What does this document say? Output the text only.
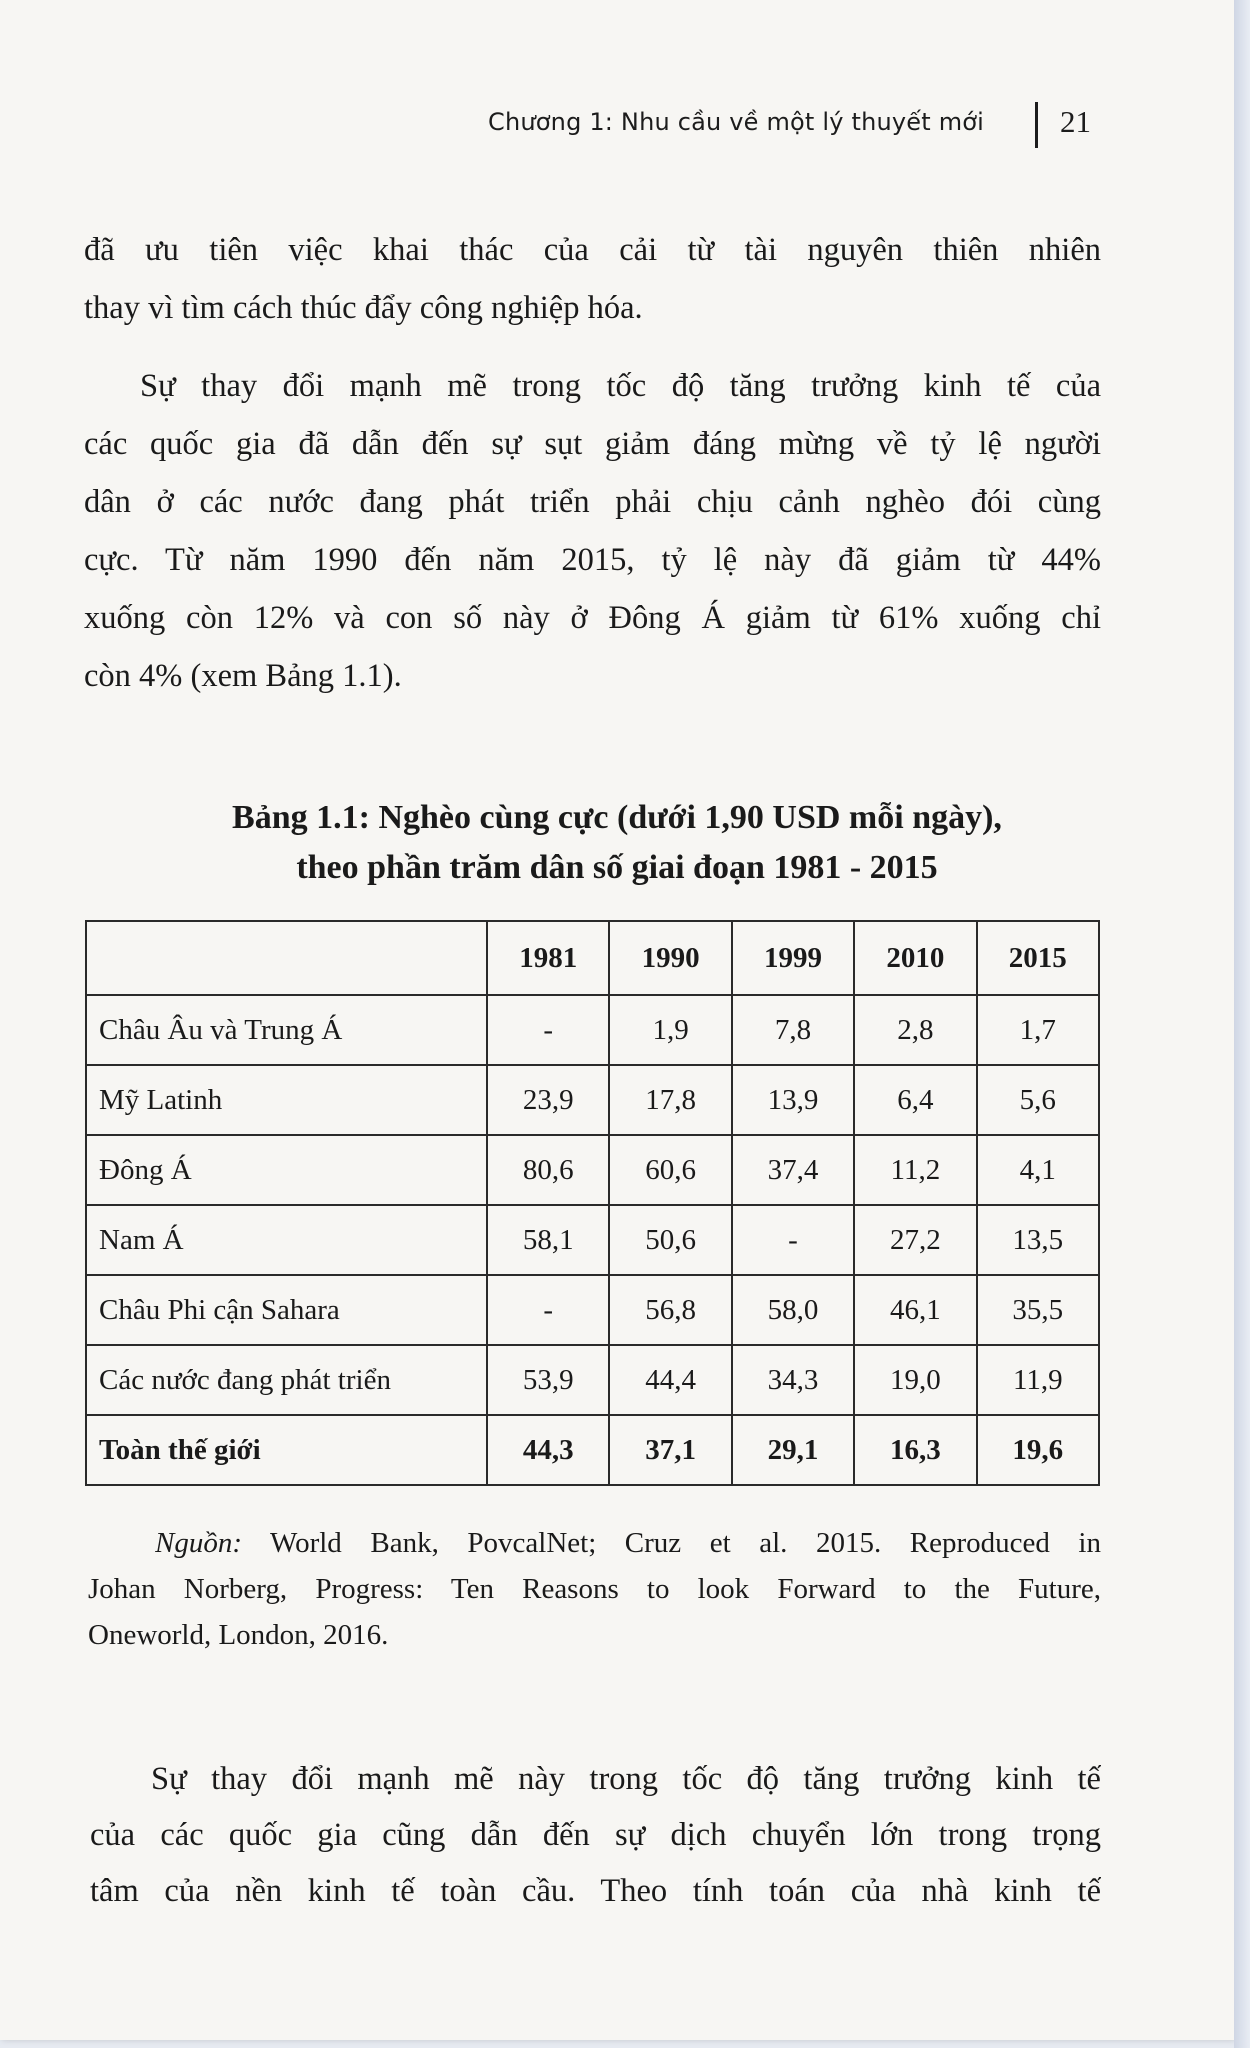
Chương 1: Nhu cầu về một lý thuyết mới 21
đã ưu tiên việc khai thác của cải từ tài nguyên thiên nhiên
thay vì tìm cách thúc đẩy công nghiệp hóa.
Sự thay đổi mạnh mẽ trong tốc độ tăng trưởng kinh tế của
các quốc gia đã dẫn đến sự sụt giảm đáng mừng về tỷ lệ người
dân ở các nước đang phát triển phải chịu cảnh nghèo đói cùng
cực. Từ năm 1990 đến năm 2015, tỷ lệ này đã giảm từ 44%
xuống còn 12% và con số này ở Đông Á giảm từ 61% xuống chỉ
còn 4% (xem Bảng 1.1).
Bảng 1.1: Nghèo cùng cực (dưới 1,90 USD mỗi ngày),
theo phần trăm dân số giai đoạn 1981 - 2015
	1981	1990	1999	2010	2015
Châu Âu và Trung Á	-	1,9	7,8	2,8	1,7
Mỹ Latinh	23,9	17,8	13,9	6,4	5,6
Đông Á	80,6	60,6	37,4	11,2	4,1
Nam Á	58,1	50,6	-	27,2	13,5
Châu Phi cận Sahara	-	56,8	58,0	46,1	35,5
Các nước đang phát triển	53,9	44,4	34,3	19,0	11,9
Toàn thế giới	44,3	37,1	29,1	16,3	19,6
Nguồn: World Bank, PovcalNet; Cruz et al. 2015. Reproduced in
Johan Norberg, Progress: Ten Reasons to look Forward to the Future,
Oneworld, London, 2016.
Sự thay đổi mạnh mẽ này trong tốc độ tăng trưởng kinh tế
của các quốc gia cũng dẫn đến sự dịch chuyển lớn trong trọng
tâm của nền kinh tế toàn cầu. Theo tính toán của nhà kinh tế
